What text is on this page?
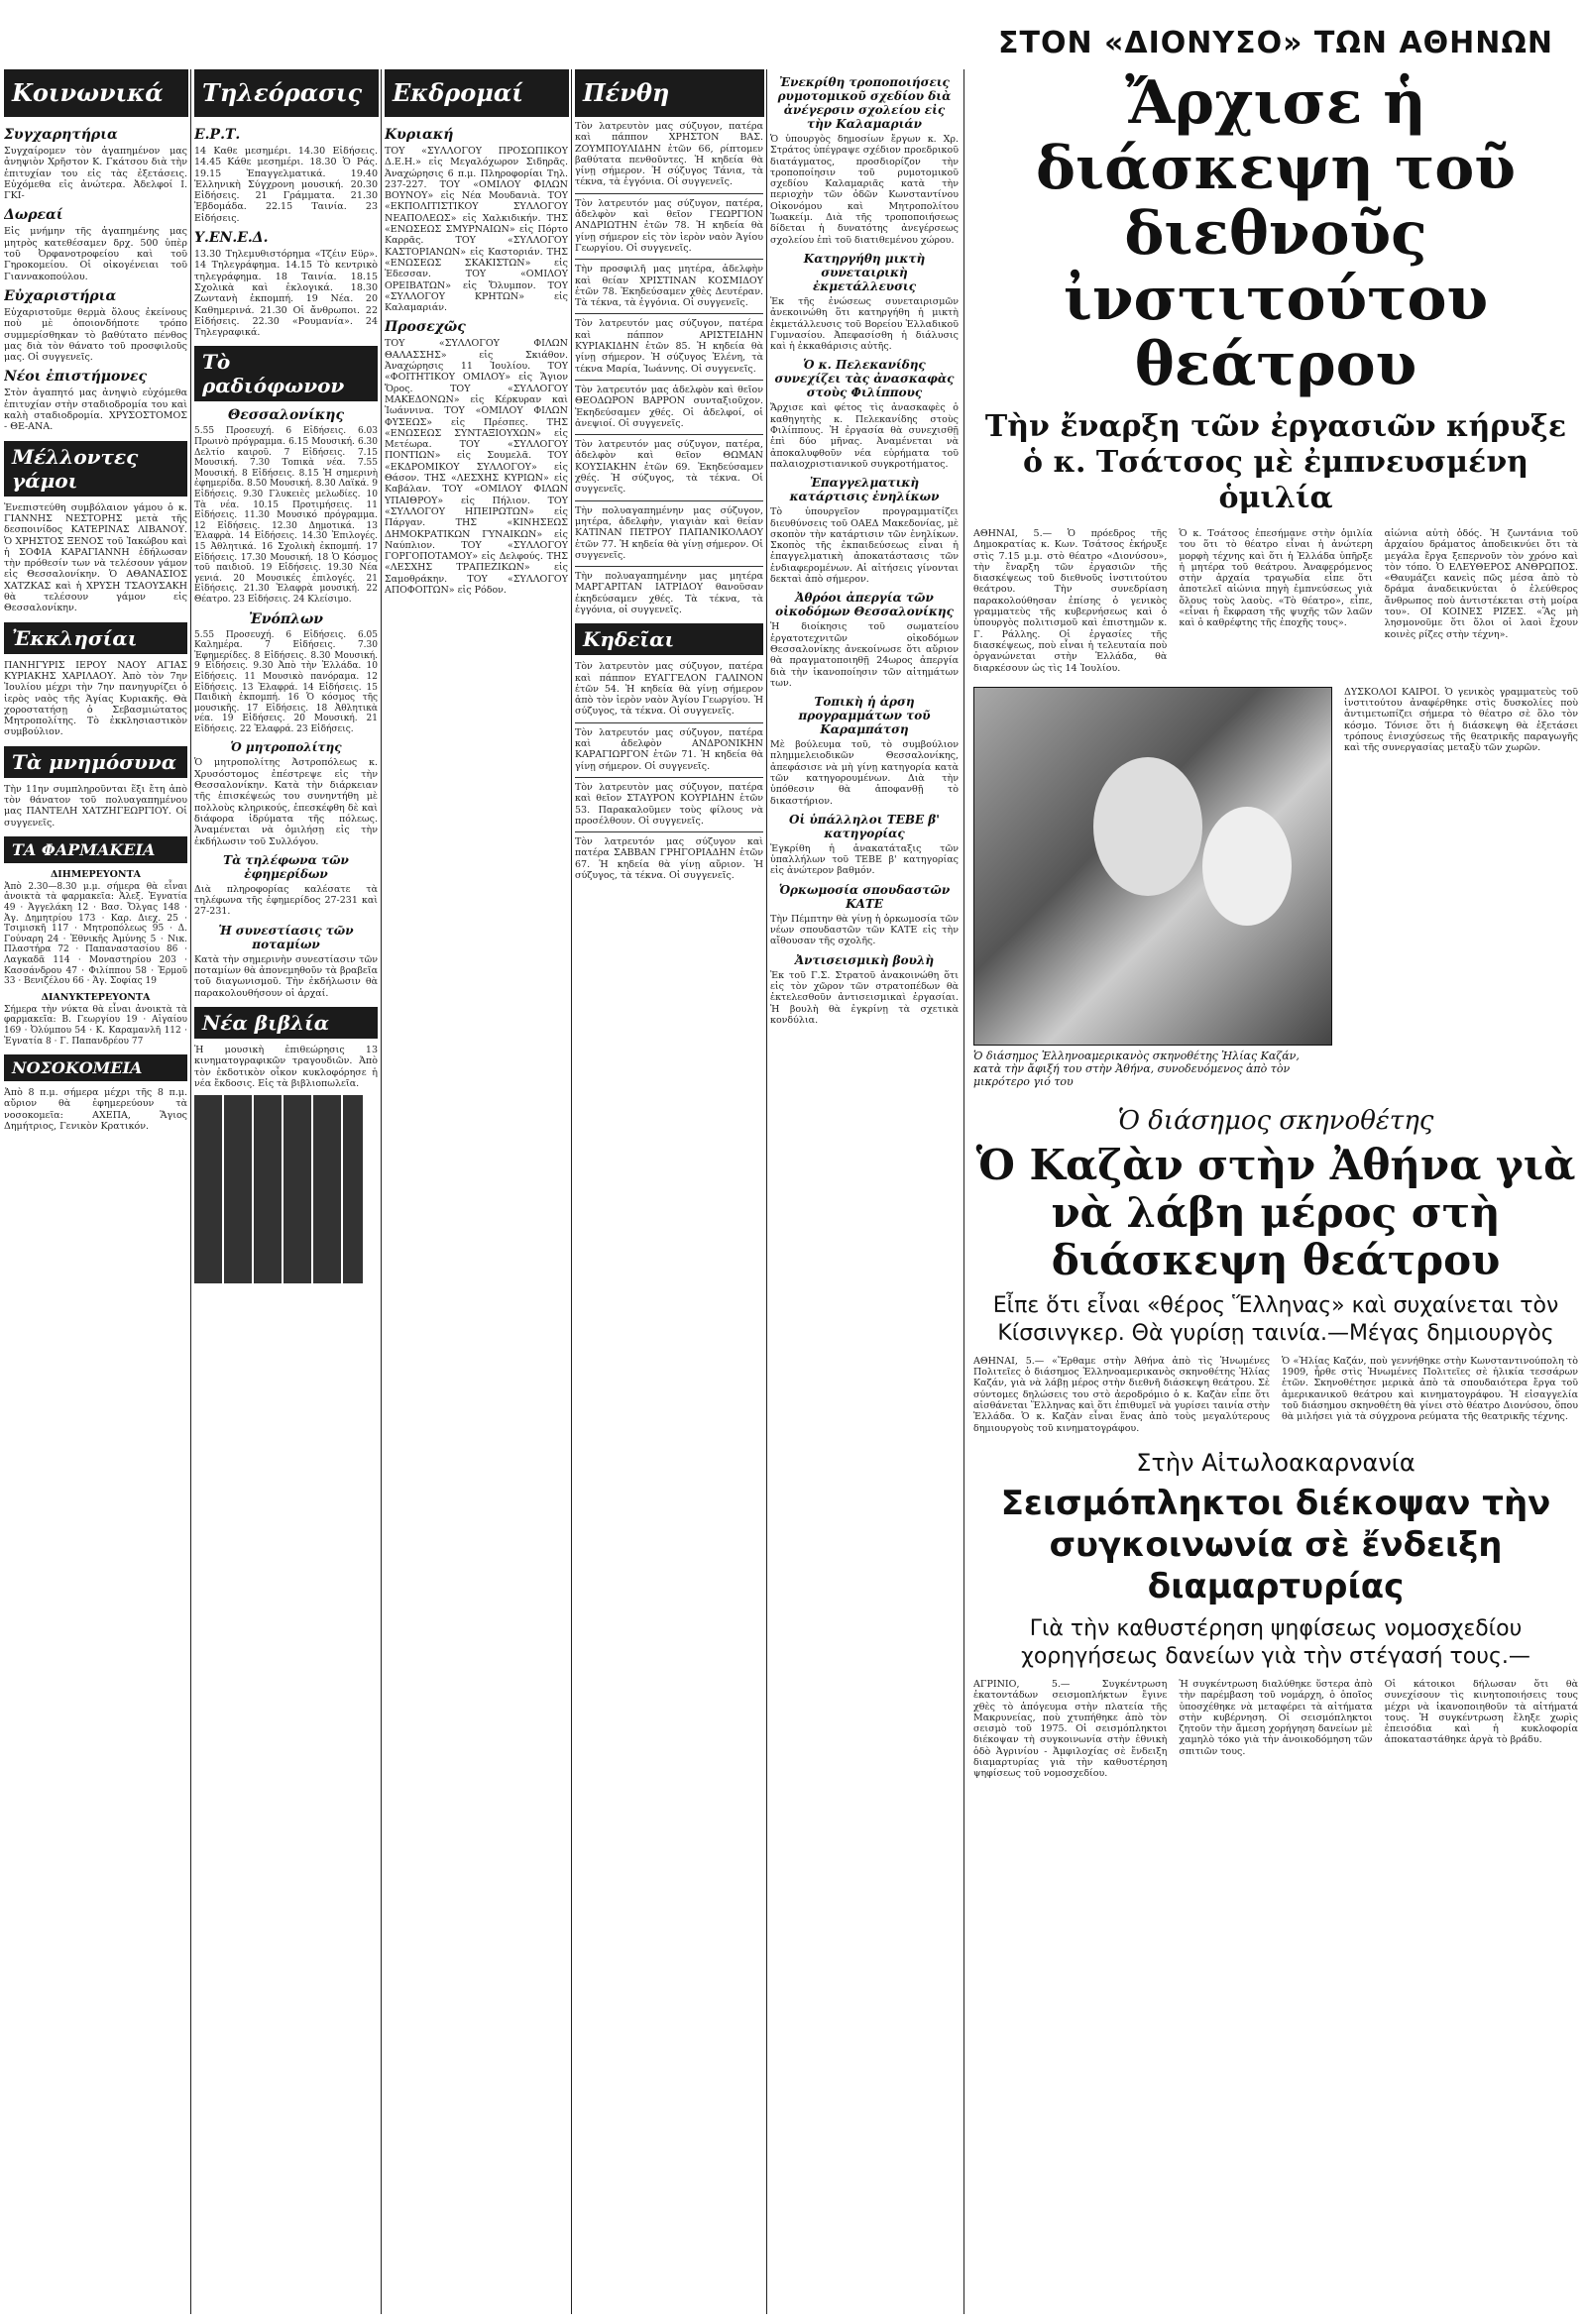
Κοινωνικά	Τηλεόρασις	Εκδρομαί	Πένθη
Συγχαρητήρια

Συγχαίρομεν τὸν ἀγαπημένον μας ἀνηψιὸν Χρῆστον Κ. Γκάτσου διὰ τὴν ἐπιτυχίαν του εἰς τὰς ἐξετάσεις. Εὐχόμεθα εἰς ἀνώτερα. Ἀδελφοί Ι. ΓΚΙ-

Δωρεαί

Εἰς μνήμην τῆς ἀγαπημένης μας μητρὸς κατεθέσαμεν δρχ. 500 ὑπὲρ τοῦ Ὀρφανοτροφείου καὶ τοῦ Γηροκομείου. Οἱ οἰκογένειαι τοῦ Γιαννακοπούλου.

Εὐχαριστήρια

Εὐχαριστοῦμε θερμὰ ὅλους ἐκείνους ποὺ μὲ ὁποιονδήποτε τρόπο συμμερίσθηκαν τὸ βαθύτατο πένθος μας διὰ τὸν θάνατο τοῦ προσφιλοῦς μας. Οἱ συγγενεῖς.

Νέοι ἐπιστήμονες

Στὸν ἀγαπητό μας ἀνηψιὸ εὐχόμεθα ἐπιτυχίαν στὴν σταδιοδρομία του καὶ καλὴ σταδιοδρομία. ΧΡΥΣΟΣΤΟΜΟΣ - ΘΕ-ΑΝΑ.

Μέλλοντες γάμοι

Ἐνεπιστεύθη συμβόλαιον γάμου ὁ κ. ΓΙΑΝΝΗΣ ΝΕΣΤΟΡΗΣ μετὰ τῆς δεσποινίδος ΚΑΤΕΡΙΝΑΣ ΛΙΒΑΝΟΥ. Ὁ ΧΡΗΣΤΟΣ ΞΕΝΟΣ τοῦ Ἰακώβου καὶ ἡ ΣΟΦΙΑ ΚΑΡΑΓΙΑΝΝΗ ἐδήλωσαν τὴν πρόθεσίν των νὰ τελέσουν γάμον εἰς Θεσσαλονίκην. Ὁ ΑΘΑΝΑΣΙΟΣ ΧΑΤΖΚΑΣ καὶ ἡ ΧΡΥΣΗ ΤΣΑΟΥΣΑΚΗ θὰ τελέσουν γάμον εἰς Θεσσαλονίκην.

Ἐκκλησίαι

ΠΑΝΗΓΥΡΙΣ ΙΕΡΟΥ ΝΑΟΥ ΑΓΙΑΣ ΚΥΡΙΑΚΗΣ ΧΑΡΙΛΑΟΥ. Ἀπὸ τὸν 7ην Ἰουλίου μέχρι τὴν 7ην πανηγυρίζει ὁ ἱερὸς ναὸς τῆς Ἁγίας Κυριακῆς. Θὰ χοροστατήσῃ ὁ Σεβασμιώτατος Μητροπολίτης. Τὸ ἐκκλησιαστικὸν συμβούλιον.

Τὰ μνημόσυνα

Τὴν 11ην συμπληροῦνται ἕξι ἔτη ἀπὸ τὸν θάνατον τοῦ πολυαγαπημένου μας ΠΑΝΤΕΛΗ ΧΑΤΖΗΓΕΩΡΓΙΟΥ. Οἱ συγγενεῖς.

ΤΑ ΦΑΡΜΑΚΕΙΑ
ΔΙΗΜΕΡΕΥΟΝΤΑ

Ἀπὸ 2.30—8.30 μ.μ. σήμερα θὰ εἶναι ἀνοικτὰ τὰ φαρμακεῖα: Ἀλεξ. Ἐγνατία 49 · Ἀγγελάκη 12 · Βασ. Ὄλγας 148 · Ἀγ. Δημητρίου 173 · Καρ. Διεχ. 25 · Τσιμισκῆ 117 · Μητροπόλεως 95 · Δ. Γούναρη 24 · Ἐθνικῆς Ἀμύνης 5 · Νικ. Πλαστήρα 72 · Παπαναστασίου 86 · Λαγκαδᾶ 114 · Μοναστηρίου 203 · Κασσάνδρου 47 · Φιλίππου 58 · Ἑρμοῦ 33 · Βενιζέλου 66 · Ἁγ. Σοφίας 19

ΔΙΑΝΥΚΤΕΡΕΥΟΝΤΑ

Σήμερα τὴν νύκτα θὰ εἶναι ἀνοικτὰ τὰ φαρμακεῖα: Β. Γεωργίου 19 · Αἰγαίου 169 · Ὀλύμπου 54 · Κ. Καραμανλῆ 112 · Ἐγνατία 8 · Γ. Παπανδρέου 77

ΝΟΣΟΚΟΜΕΙΑ

Ἀπὸ 8 π.μ. σήμερα μέχρι τῆς 8 π.μ. αὔριον θὰ ἐφημερεύουν τὰ νοσοκομεῖα: ΑΧΕΠΑ, Ἅγιος Δημήτριος, Γενικὸν Κρατικόν.

Ε.Ρ.Τ.

14 Καθε μεσημέρι. 14.30 Εἰδήσεις. 14.45 Κάθε μεσημέρι. 18.30 Ὁ Ράς. 19.15 Ἐπαγγελματικά. 19.40 Ἑλληνικὴ Σύγχρονη μουσική. 20.30 Εἰδήσεις. 21 Γράμματα. 21.30 Ἐβδομάδα. 22.15 Ταινία. 23 Εἰδήσεις.

Υ.ΕΝ.Ε.Δ.

13.30 Τηλεμυθιστόρημα «Τζέιν Εϋρ». 14 Τηλεγράφημα. 14.15 Τὸ κεντρικὸ τηλεγράφημα. 18 Ταινία. 18.15 Σχολικὰ καὶ ἐκλογικά. 18.30 Ζωντανὴ ἐκπομπή. 19 Νέα. 20 Καθημερινά. 21.30 Οἱ ἄνθρωποι. 22 Εἰδήσεις. 22.30 «Ρουμανία». 24 Τηλεγραφικά.

Τὸ ραδιόφωνον
Θεσσαλονίκης

5.55 Προσευχή. 6 Εἰδήσεις. 6.03 Πρωινὸ πρόγραμμα. 6.15 Μουσική. 6.30 Δελτίο καιροῦ. 7 Εἰδήσεις. 7.15 Μουσική. 7.30 Τοπικὰ νέα. 7.55 Μουσική. 8 Εἰδήσεις. 8.15 Ἡ σημερινὴ ἐφημερίδα. 8.50 Μουσική. 8.30 Λαϊκά. 9 Εἰδήσεις. 9.30 Γλυκειὲς μελωδίες. 10 Τὰ νέα. 10.15 Προτιμήσεις. 11 Εἰδήσεις. 11.30 Μουσικό πρόγραμμα. 12 Εἰδήσεις. 12.30 Δημοτικά. 13 Ἐλαφρὰ. 14 Εἰδήσεις. 14.30 Ἐπιλογές. 15 Ἀθλητικά. 16 Σχολικὴ ἐκπομπή. 17 Εἰδήσεις. 17.30 Μουσική. 18 Ὁ Κόσμος τοῦ παιδιοῦ. 19 Εἰδήσεις. 19.30 Νέα γενιά. 20 Μουσικές ἐπιλογές. 21 Εἰδήσεις. 21.30 Ἐλαφρὰ μουσική. 22 Θέατρο. 23 Εἰδήσεις. 24 Κλείσιμο.

Ἐνόπλων

5.55 Προσευχή. 6 Εἰδήσεις. 6.05 Καλημέρα. 7 Εἰδήσεις. 7.30 Ἐφημερίδες. 8 Εἰδήσεις. 8.30 Μουσική. 9 Εἰδήσεις. 9.30 Ἀπὸ τὴν Ἑλλάδα. 10 Εἰδήσεις. 11 Μουσικὸ πανόραμα. 12 Εἰδήσεις. 13 Ἐλαφρά. 14 Εἰδήσεις. 15 Παιδικὴ ἐκπομπή. 16 Ὁ κόσμος τῆς μουσικῆς. 17 Εἰδήσεις. 18 Ἀθλητικὰ νέα. 19 Εἰδήσεις. 20 Μουσική. 21 Εἰδήσεις. 22 Ἐλαφρά. 23 Εἰδήσεις.

Ὁ μητροπολίτης

Ὁ μητροπολίτης Ἀστροπόλεως κ. Χρυσόστομος ἐπέστρεψε εἰς τὴν Θεσσαλονίκην. Κατὰ τὴν διάρκειαν τῆς ἐπισκέψεώς του συνηντήθη μὲ πολλοὺς κληρικούς, ἐπεσκέφθη δὲ καὶ διάφορα ἱδρύματα τῆς πόλεως. Ἀναμένεται νὰ ὁμιλήσῃ εἰς τὴν ἐκδήλωσιν τοῦ Συλλόγου.

Τὰ τηλέφωνα τῶν ἐφημερίδων

Διὰ πληροφορίας καλέσατε τὰ τηλέφωνα τῆς ἐφημερίδος 27-231 καὶ 27-231.

Ἡ συνεστίασις τῶν ποταμίων

Κατὰ τὴν σημερινὴν συνεστίασιν τῶν ποταμίων θὰ ἀπονεμηθοῦν τὰ βραβεῖα τοῦ διαγωνισμοῦ. Τὴν ἐκδήλωσιν θὰ παρακολουθήσουν οἱ ἀρχαί.

Νέα βιβλία

Ἡ μουσικὴ ἐπιθεώρησις 13 κινηματογραφικῶν τραγουδιῶν. Ἀπὸ τὸν ἐκδοτικὸν οἶκον κυκλοφόρησε ἡ νέα ἔκδοσις. Εἰς τὰ βιβλιοπωλεῖα.

Κυριακή

ΤΟΥ «ΣΥΛΛΟΓΟΥ ΠΡΟΣΩΠΙΚΟΥ Δ.Ε.Η.» εἰς Μεγαλόχωρον Σιδηρᾶς. Ἀναχώρησις 6 π.μ. Πληροφορίαι Τηλ. 237-227. ΤΟΥ «ΟΜΙΛΟΥ ΦΙΛΩΝ ΒΟΥΝΟΥ» εἰς Νέα Μουδανιὰ. ΤΟΥ «ΕΚΠΟΛΙΤΙΣΤΙΚΟΥ ΣΥΛΛΟΓΟΥ ΝΕΑΠΟΛΕΩΣ» εἰς Χαλκιδικήν. ΤΗΣ «ΕΝΩΣΕΩΣ ΣΜΥΡΝΑΙΩΝ» εἰς Πόρτο Καρρᾶς. ΤΟΥ «ΣΥΛΛΟΓΟΥ ΚΑΣΤΟΡΙΑΝΩΝ» εἰς Καστοριάν. ΤΗΣ «ΕΝΩΣΕΩΣ ΣΚΑΚΙΣΤΩΝ» εἰς Ἐδεσσαν. ΤΟΥ «ΟΜΙΛΟΥ ΟΡΕΙΒΑΤΩΝ» εἰς Ὄλυμπον. ΤΟΥ «ΣΥΛΛΟΓΟΥ ΚΡΗΤΩΝ» εἰς Καλαμαριάν.

Προσεχῶς

ΤΟΥ «ΣΥΛΛΟΓΟΥ ΦΙΛΩΝ ΘΑΛΑΣΣΗΣ» εἰς Σκιάθον. Ἀναχώρησις 11 Ἰουλίου. ΤΟΥ «ΦΟΙΤΗΤΙΚΟΥ ΟΜΙΛΟΥ» εἰς Ἄγιον Ὄρος. ΤΟΥ «ΣΥΛΛΟΓΟΥ ΜΑΚΕΔΟΝΩΝ» εἰς Κέρκυραν καὶ Ἰωάννινα. ΤΟΥ «ΟΜΙΛΟΥ ΦΙΛΩΝ ΦΥΣΕΩΣ» εἰς Πρέσπες. ΤΗΣ «ΕΝΩΣΕΩΣ ΣΥΝΤΑΞΙΟΥΧΩΝ» εἰς Μετέωρα. ΤΟΥ «ΣΥΛΛΟΓΟΥ ΠΟΝΤΙΩΝ» εἰς Σουμελᾶ. ΤΟΥ «ΕΚΔΡΟΜΙΚΟΥ ΣΥΛΛΟΓΟΥ» εἰς Θάσον. ΤΗΣ «ΛΕΣΧΗΣ ΚΥΡΙΩΝ» εἰς Καβάλαν. ΤΟΥ «ΟΜΙΛΟΥ ΦΙΛΩΝ ΥΠΑΙΘΡΟΥ» εἰς Πήλιον. ΤΟΥ «ΣΥΛΛΟΓΟΥ ΗΠΕΙΡΩΤΩΝ» εἰς Πάργαν. ΤΗΣ «ΚΙΝΗΣΕΩΣ ΔΗΜΟΚΡΑΤΙΚΩΝ ΓΥΝΑΙΚΩΝ» εἰς Ναύπλιον. ΤΟΥ «ΣΥΛΛΟΓΟΥ ΓΟΡΓΟΠΟΤΑΜΟΥ» εἰς Δελφούς. ΤΗΣ «ΛΕΣΧΗΣ ΤΡΑΠΕΖΙΚΩΝ» εἰς Σαμοθράκην. ΤΟΥ «ΣΥΛΛΟΓΟΥ ΑΠΟΦΟΙΤΩΝ» εἰς Ρόδον.

Τὸν λατρευτὸν μας σύζυγον, πατέρα καὶ πάππον ΧΡΗΣΤΟΝ ΒΑΣ. ΖΟΥΜΠΟΥΛΙΔΗΝ ἐτῶν 66, ρίπτομεν βαθύτατα πενθοῦντες. Ἡ κηδεία θὰ γίνῃ σήμερον. Ἡ σύζυγος Τάνια, τὰ τέκνα, τὰ ἐγγόνια. Οἱ συγγενεῖς.

Τὸν λατρευτόν μας σύζυγον, πατέρα, ἀδελφὸν καὶ θεῖον ΓΕΩΡΓΙΟΝ ΑΝΔΡΙΩΤΗΝ ἐτῶν 78. Ἡ κηδεία θὰ γίνῃ σήμερον εἰς τὸν ἱερὸν ναὸν Ἁγίου Γεωργίου. Οἱ συγγενεῖς.

Τὴν προσφιλῆ μας μητέρα, ἀδελφὴν καὶ θείαν ΧΡΙΣΤΙΝΑΝ ΚΟΣΜΙΔΟΥ ἐτῶν 78. Ἐκηδεύσαμεν χθὲς Δευτέραν. Τὰ τέκνα, τὰ ἐγγόνια. Οἱ συγγενεῖς.

Τὸν λατρευτόν μας σύζυγον, πατέρα καὶ πάππον ΑΡΙΣΤΕΙΔΗΝ ΚΥΡΙΑΚΙΔΗΝ ἐτῶν 85. Ἡ κηδεία θὰ γίνῃ σήμερον. Ἡ σύζυγος Ἑλένη, τὰ τέκνα Μαρία, Ἰωάννης. Οἱ συγγενεῖς.

Τὸν λατρευτόν μας ἀδελφὸν καὶ θεῖον ΘΕΟΔΩΡΟΝ ΒΑΡΡΟΝ συνταξιοῦχον. Ἐκηδεύσαμεν χθές. Οἱ ἀδελφοί, οἱ ἀνεψιοί. Οἱ συγγενεῖς.

Τὸν λατρευτόν μας σύζυγον, πατέρα, ἀδελφὸν καὶ θεῖον ΘΩΜΑΝ ΚΟΥΣΙΑΚΗΝ ἐτῶν 69. Ἐκηδεύσαμεν χθές. Ἡ σύζυγος, τὰ τέκνα. Οἱ συγγενεῖς.

Τὴν πολυαγαπημένην μας σύζυγον, μητέρα, ἀδελφὴν, γιαγιὰν καὶ θείαν ΚΑΤΙΝΑΝ ΠΕΤΡΟΥ ΠΑΠΑΝΙΚΟΛΑΟΥ ἐτῶν 77. Ἡ κηδεία θὰ γίνῃ σήμερον. Οἱ συγγενεῖς.

Τὴν πολυαγαπημένην μας μητέρα ΜΑΡΓΑΡΙΤΑΝ ΙΑΤΡΙΔΟΥ θανοῦσαν ἐκηδεύσαμεν χθές. Τὰ τέκνα, τὰ ἐγγόνια, οἱ συγγενεῖς.

Κηδεῖαι

Τὸν λατρευτὸν μας σύζυγον, πατέρα καὶ πάππον ΕΥΑΓΓΕΛΟΝ ΓΑΛΙΝΟΝ ἐτῶν 54. Ἡ κηδεία θὰ γίνῃ σήμερον ἀπὸ τὸν ἱερὸν ναὸν Ἁγίου Γεωργίου. Ἡ σύζυγος, τὰ τέκνα. Οἱ συγγενεῖς.

Τὸν λατρευτόν μας σύζυγον, πατέρα καὶ ἀδελφὸν ΑΝΔΡΟΝΙΚΗΝ ΚΑΡΑΓΙΩΡΓΟΝ ἐτῶν 71. Ἡ κηδεία θὰ γίνῃ σήμερον. Οἱ συγγενεῖς.

Τὸν λατρευτὸν μας σύζυγον, πατέρα καὶ θεῖον ΣΤΑΥΡΟΝ ΚΟΥΡΙΔΗΝ ἐτῶν 53. Παρακαλοῦμεν τοὺς φίλους νὰ προσέλθουν. Οἱ συγγενεῖς.

Τὸν λατρευτόν μας σύζυγον καὶ πατέρα ΣΑΒΒΑΝ ΓΡΗΓΟΡΙΑΔΗΝ ἐτῶν 67. Ἡ κηδεία θὰ γίνῃ αὔριον. Ἡ σύζυγος, τὰ τέκνα. Οἱ συγγενεῖς.

Ἐνεκρίθη τροποποιήσεις ρυμοτομικοῦ σχεδίου διὰ ἀνέγερσιν σχολείου εἰς τὴν Καλαμαριάν

Ὁ ὑπουργὸς δημοσίων ἔργων κ. Χρ. Στράτος ὑπέγραψε σχέδιον προεδρικοῦ διατάγματος, προσδιορίζον τὴν τροποποίησιν τοῦ ρυμοτομικοῦ σχεδίου Καλαμαριᾶς κατὰ τὴν περιοχὴν τῶν ὁδῶν Κωνσταντίνου Οἰκονόμου καὶ Μητροπολίτου Ἰωακείμ. Διὰ τῆς τροποποιήσεως δίδεται ἡ δυνατότης ἀνεγέρσεως σχολείου ἐπὶ τοῦ διατιθεμένου χώρου.

Κατηργήθη μικτὴ συνεταιρικὴ ἐκμετάλλευσις

Ἐκ τῆς ἐνώσεως συνεταιρισμῶν ἀνεκοινώθη ὅτι κατηργήθη ἡ μικτὴ ἐκμετάλλευσις τοῦ Βορείου Ἑλλαδικοῦ Γυμνασίου. Ἀπεφασίσθη ἡ διάλυσις καὶ ἡ ἐκκαθάρισις αὐτῆς.

Ὁ κ. Πελεκανίδης συνεχίζει τὰς ἀνασκαφὰς στοὺς Φιλίππους

Ἄρχισε καὶ φέτος τὶς ἀνασκαφὲς ὁ καθηγητὴς κ. Πελεκανίδης στοὺς Φιλίππους. Ἡ ἐργασία θὰ συνεχισθῇ ἐπὶ δύο μῆνας. Ἀναμένεται νὰ ἀποκαλυφθοῦν νέα εὑρήματα τοῦ παλαιοχριστιανικοῦ συγκροτήματος.

Ἐπαγγελματικὴ κατάρτισις ἐνηλίκων

Τὸ ὑπουργεῖον προγραμματίζει διευθύνσεις τοῦ ΟΑΕΔ Μακεδονίας, μὲ σκοπὸν τὴν κατάρτισιν τῶν ἐνηλίκων. Σκοπὸς τῆς ἐκπαιδεύσεως εἶναι ἡ ἐπαγγελματικὴ ἀποκατάστασις τῶν ἐνδιαφερομένων. Αἱ αἰτήσεις γίνονται δεκταὶ ἀπὸ σήμερον.

Ἀθρόοι ἀπεργία τῶν οἰκοδόμων Θεσσαλονίκης

Ἡ διοίκησις τοῦ σωματείου ἐργατοτεχνιτῶν οἰκοδόμων Θεσσαλονίκης ἀνεκοίνωσε ὅτι αὔριον θὰ πραγματοποιηθῇ 24ωρος ἀπεργία διὰ τὴν ἱκανοποίησιν τῶν αἰτημάτων των.

Τοπικὴ ἡ ἀρση προγραμμάτων τοῦ Καραμπάτση

Μὲ βούλευμα τοῦ, τὸ συμβούλιον πλημμελειοδικῶν Θεσσαλονίκης, ἀπεφάσισε νὰ μὴ γίνῃ κατηγορία κατὰ τῶν κατηγορουμένων. Διὰ τὴν ὑπόθεσιν θὰ ἀποφανθῇ τὸ δικαστήριον.

Οἱ ὑπάλληλοι ΤΕΒΕ β' κατηγορίας

Ἐγκρίθη ἡ ἀνακατάταξις τῶν ὑπαλλήλων τοῦ ΤΕΒΕ β' κατηγορίας εἰς ἀνώτερον βαθμόν.

Ὁρκωμοσία σπουδαστῶν ΚΑΤΕ

Τὴν Πέμπτην θὰ γίνῃ ἡ ὁρκωμοσία τῶν νέων σπουδαστῶν τῶν ΚΑΤΕ εἰς τὴν αἴθουσαν τῆς σχολῆς.

Ἀντισεισμικὴ βουλὴ

Ἐκ τοῦ Γ.Σ. Στρατοῦ ἀνακοινώθη ὅτι εἰς τὸν χῶρον τῶν στρατοπέδων θὰ ἐκτελεσθοῦν ἀντισεισμικαὶ ἐργασίαι. Ἡ βουλὴ θὰ ἐγκρίνῃ τὰ σχετικὰ κονδύλια.

ΣΤΟΝ «ΔΙΟΝΥΣΟ» ΤΩΝ ΑΘΗΝΩΝ
Ἄρχισε ἡ διάσκεψη τοῦ διεθνοῦς ἰνστιτούτου θεάτρου
Τὴν ἔναρξη τῶν ἐργασιῶν κήρυξε ὁ κ. Τσάτσος μὲ ἐμπνευσμένη ὁμιλία

ΑΘΗΝΑΙ, 5.— Ὁ πρόεδρος τῆς Δημοκρατίας κ. Κων. Τσάτσος ἐκήρυξε στὶς 7.15 μ.μ. στὸ θέατρο «Διονύσου», τὴν ἔναρξη τῶν ἐργασιῶν τῆς διασκέψεως τοῦ διεθνοῦς ἰνστιτούτου θεάτρου. Τὴν συνεδρίαση παρακολούθησαν ἐπίσης ὁ γενικὸς γραμματεὺς τῆς κυβερνήσεως καὶ ὁ ὑπουργὸς πολιτισμοῦ καὶ ἐπιστημῶν κ. Γ. Ράλλης. Οἱ ἐργασίες τῆς διασκέψεως, ποὺ εἶναι ἡ τελευταία ποὺ ὀργανώνεται στὴν Ἑλλάδα, θὰ διαρκέσουν ὡς τὶς 14 Ἰουλίου.

Ὁ κ. Τσάτσος ἐπεσήμανε στὴν ὁμιλία του ὅτι τὸ θέατρο εἶναι ἡ ἀνώτερη μορφὴ τέχνης καὶ ὅτι ἡ Ἑλλάδα ὑπῆρξε ἡ μητέρα τοῦ θεάτρου. Ἀναφερόμενος στὴν ἀρχαία τραγωδία εἶπε ὅτι ἀποτελεῖ αἰώνια πηγὴ ἐμπνεύσεως γιὰ ὅλους τοὺς λαοὺς. «Τὸ θέατρο», εἶπε, «εἶναι ἡ ἔκφραση τῆς ψυχῆς τῶν λαῶν καὶ ὁ καθρέφτης τῆς ἐποχῆς τους».

αἰώνια αὐτὴ ὁδός. Ἡ ζωντάνια τοῦ ἀρχαίου δράματος ἀποδεικνύει ὅτι τὰ μεγάλα ἔργα ξεπερνοῦν τὸν χρόνο καὶ τὸν τόπο. Ὁ ΕΛΕΥΘΕΡΟΣ ΑΝΘΡΩΠΟΣ. «Θαυμάζει κανεὶς πῶς μέσα ἀπὸ τὸ δράμα ἀναδεικνύεται ὁ ἐλεύθερος ἄνθρωπος ποὺ ἀντιστέκεται στὴ μοίρα του». ΟΙ ΚΟΙΝΕΣ ΡΙΖΕΣ. «Ἂς μὴ λησμονοῦμε ὅτι ὅλοι οἱ λαοὶ ἔχουν κοινὲς ρίζες στὴν τέχνη».

Ὁ διάσημος Ἑλληνοαμερικανὸς σκηνοθέτης Ἠλίας Καζάν, κατὰ τὴν ἄφιξή του στὴν Ἀθήνα, συνοδευόμενος ἀπὸ τὸν μικρότερο γιό του

ΔΥΣΚΟΛΟΙ ΚΑΙΡΟΙ. Ὁ γενικὸς γραμματεὺς τοῦ ἰνστιτούτου ἀναφέρθηκε στὶς δυσκολίες ποὺ ἀντιμετωπίζει σήμερα τὸ θέατρο σὲ ὅλο τὸν κόσμο. Τόνισε ὅτι ἡ διάσκεψη θὰ ἐξετάσει τρόπους ἐνισχύσεως τῆς θεατρικῆς παραγωγῆς καὶ τῆς συνεργασίας μεταξὺ τῶν χωρῶν.

Ὁ διάσημος σκηνοθέτης
Ὁ Καζὰν στὴν Ἀθήνα γιὰ νὰ λάβη μέρος στὴ διάσκεψη θεάτρου
Εἶπε ὅτι εἶναι «θέρος Ἕλληνας» καὶ συχαίνεται τὸν Κίσσινγκερ. Θὰ γυρίσῃ ταινία.—Μέγας δημιουργὸς

ΑΘΗΝΑΙ, 5.— «Ἔρθαμε στὴν Ἀθήνα ἀπὸ τὶς Ἡνωμένες Πολιτεῖες ὁ διάσημος Ἑλληνοαμερικανὸς σκηνοθέτης Ἠλίας Καζάν, γιὰ νὰ λάβῃ μέρος στὴν διεθνῆ διάσκεψη θεάτρου. Σὲ σύντομες δηλώσεις του στὸ ἀεροδρόμιο ὁ κ. Καζὰν εἶπε ὅτι αἰσθάνεται Ἕλληνας καὶ ὅτι ἐπιθυμεῖ νὰ γυρίσει ταινία στὴν Ἑλλάδα. Ὁ κ. Καζὰν εἶναι ἕνας ἀπὸ τοὺς μεγαλύτερους δημιουργοὺς τοῦ κινηματογράφου.

Ὁ «Ἠλίας Καζάν, ποὺ γεννήθηκε στὴν Κωνσταντινούπολη τὸ 1909, ἦρθε στὶς Ἡνωμένες Πολιτεῖες σὲ ἡλικία τεσσάρων ἐτῶν. Σκηνοθέτησε μερικὰ ἀπὸ τὰ σπουδαιότερα ἔργα τοῦ ἀμερικανικοῦ θεάτρου καὶ κινηματογράφου. Ἡ εἰσαγγελία τοῦ διάσημου σκηνοθέτη θὰ γίνει στὸ θέατρο Διονύσου, ὅπου θὰ μιλήσει γιὰ τὰ σύγχρονα ρεύματα τῆς θεατρικῆς τέχνης.

Στὴν Αἰτωλοακαρνανία
Σεισμόπληκτοι διέκοψαν τὴν συγκοινωνία σὲ ἔνδειξη διαμαρτυρίας
Γιὰ τὴν καθυστέρηση ψηφίσεως νομοσχεδίου χορηγήσεως δανείων γιὰ τὴν στέγασή τους.—

ΑΓΡΙΝΙΟ, 5.— Συγκέντρωση ἐκατοντάδων σεισμοπλήκτων ἔγινε χθὲς τὸ ἀπόγευμα στὴν πλατεία τῆς Μακρυνείας, ποὺ χτυπήθηκε ἀπὸ τὸν σεισμὸ τοῦ 1975. Οἱ σεισμόπληκτοι διέκοψαν τὴ συγκοινωνία στὴν ἐθνικὴ ὁδὸ Ἀγρινίου - Ἀμφιλοχίας σὲ ἔνδειξη διαμαρτυρίας γιὰ τὴν καθυστέρηση ψηφίσεως τοῦ νομοσχεδίου.

Ἡ συγκέντρωση διαλύθηκε ὕστερα ἀπὸ τὴν παρέμβαση τοῦ νομάρχη, ὁ ὁποῖος ὑποσχέθηκε νὰ μεταφέρει τὰ αἰτήματα στὴν κυβέρνηση. Οἱ σεισμόπληκτοι ζητοῦν τὴν ἄμεση χορήγηση δανείων μὲ χαμηλὸ τόκο γιὰ τὴν ἀνοικοδόμηση τῶν σπιτιῶν τους.

Οἱ κάτοικοι δήλωσαν ὅτι θὰ συνεχίσουν τὶς κινητοποιήσεις τους μέχρι νὰ ἱκανοποιηθοῦν τὰ αἰτήματά τους. Ἡ συγκέντρωση ἔληξε χωρὶς ἐπεισόδια καὶ ἡ κυκλοφορία ἀποκαταστάθηκε ἀργὰ τὸ βράδυ.
